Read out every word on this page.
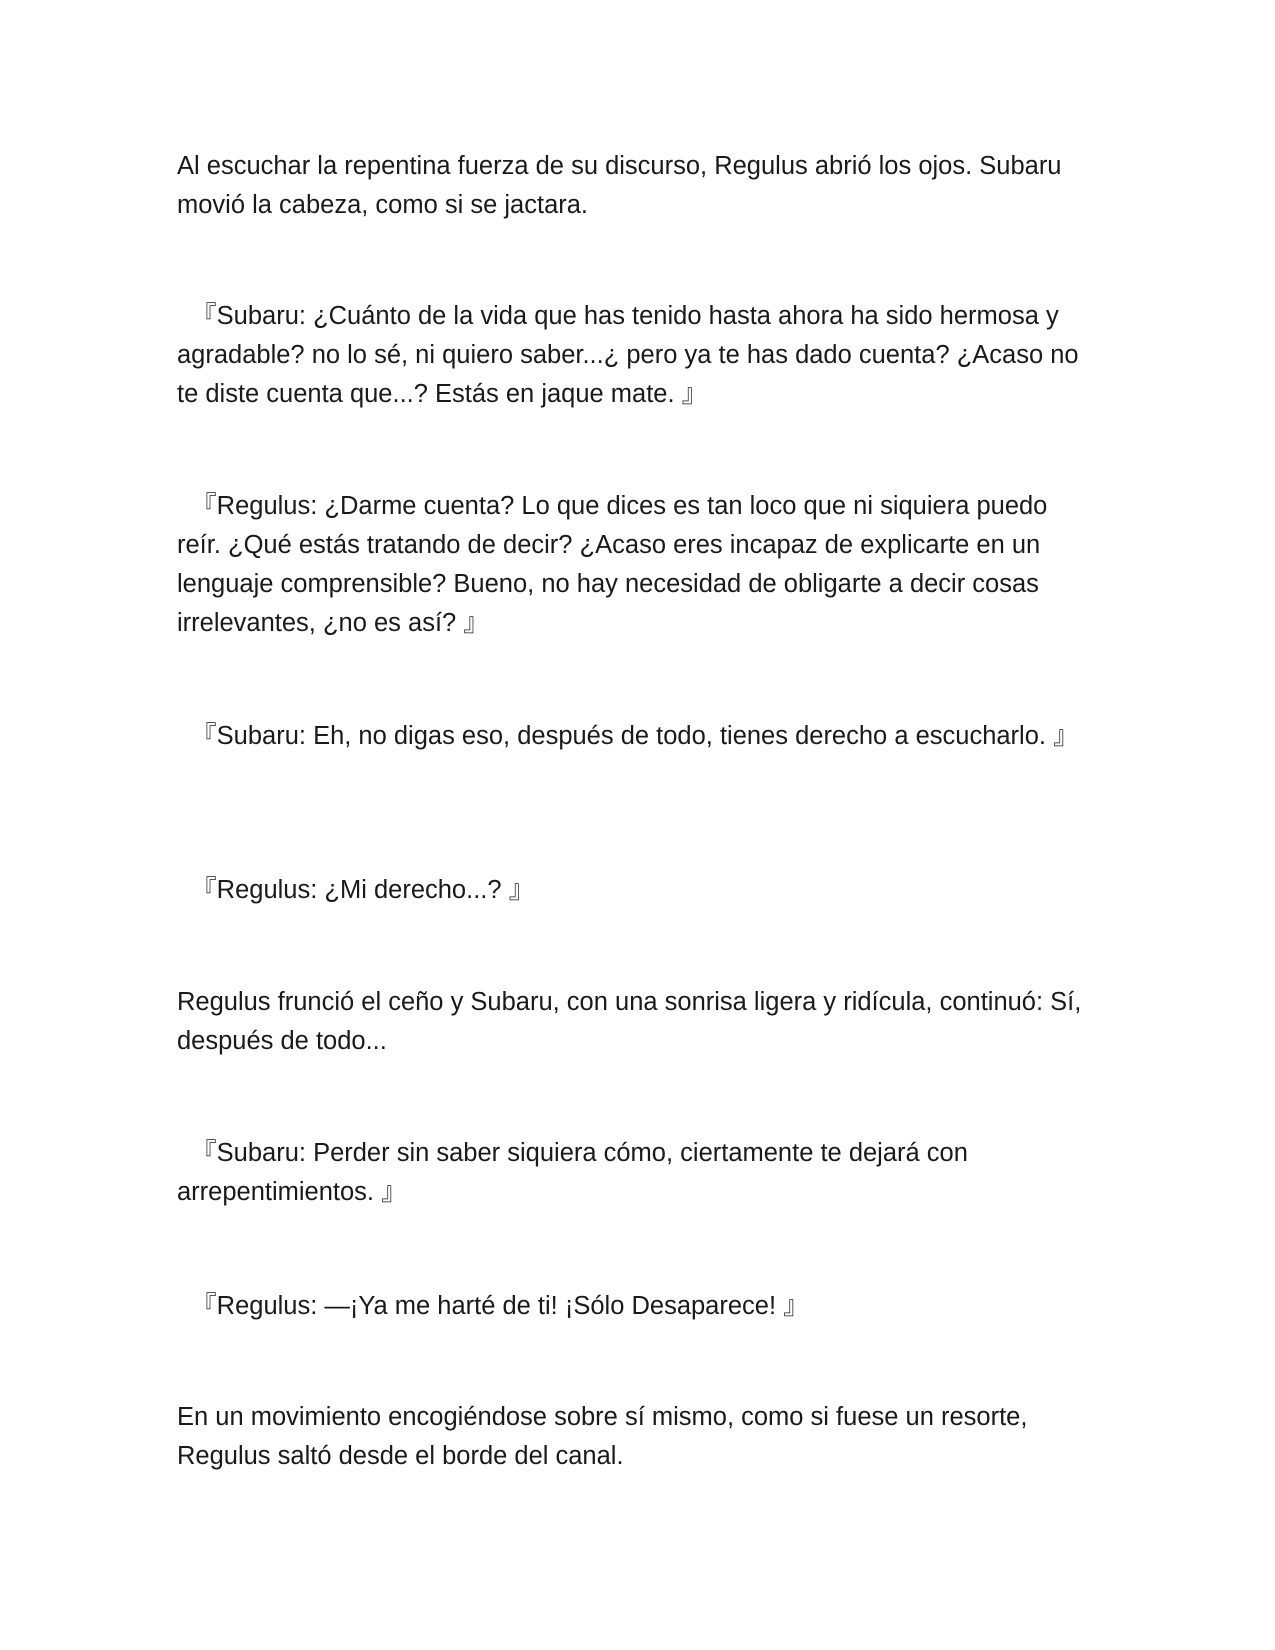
Al escuchar la repentina fuerza de su discurso, Regulus abrió los ojos. Subaru movió la cabeza, como si se jactara.

『Subaru: ¿Cuánto de la vida que has tenido hasta ahora ha sido hermosa y agradable? no lo sé, ni quiero saber...¿ pero ya te has dado cuenta? ¿Acaso no te diste cuenta que...? Estás en jaque mate. 』

『Regulus: ¿Darme cuenta? Lo que dices es tan loco que ni siquiera puedo reír. ¿Qué estás tratando de decir? ¿Acaso eres incapaz de explicarte en un lenguaje comprensible? Bueno, no hay necesidad de obligarte a decir cosas irrelevantes, ¿no es así? 』

『Subaru: Eh, no digas eso, después de todo, tienes derecho a escucharlo. 』

『Regulus: ¿Mi derecho...? 』

Regulus frunció el ceño y Subaru, con una sonrisa ligera y ridícula, continuó: Sí, después de todo...

『Subaru: Perder sin saber siquiera cómo, ciertamente te dejará con arrepentimientos. 』

『Regulus: —¡Ya me harté de ti! ¡Sólo Desaparece! 』

En un movimiento encogiéndose sobre sí mismo, como si fuese un resorte, Regulus saltó desde el borde del canal.
